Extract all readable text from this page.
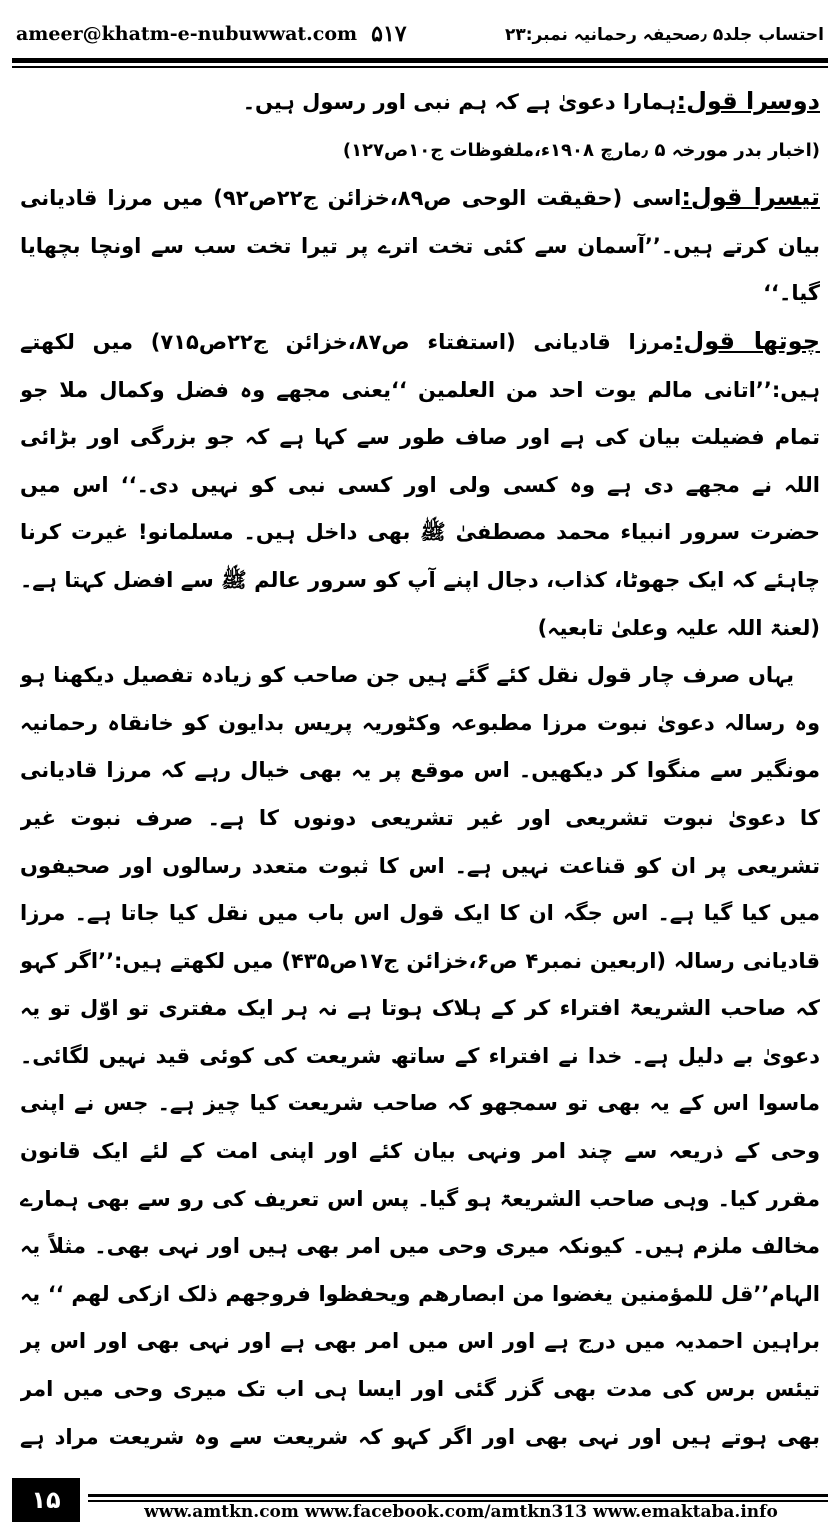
ameer@khatm-e-nubuwwat.com ۵۱۷	احتساب جلد۵ ٫صحیفہ رحمانیہ نمبر:۲۳

دوسرا قول:ہمارا دعویٰ ہے کہ ہم نبی اور رسول ہیں۔

(اخبار بدر مورخہ ۵ ٫مارچ ۱۹۰۸ء،ملفوظات ج۱۰ص۱۲۷)

تیسرا قول:اسی (حقیقت الوحی ص۸۹،خزائن ج۲۲ص۹۲) میں مرزا قادیانی بیان کرتے ہیں۔’’آسمان سے کئی تخت اترے پر تیرا تخت سب سے اونچا بچھایا گیا۔‘‘

چوتھا قول:مرزا قادیانی (استفتاء ص۸۷،خزائن ج۲۲ص۷۱۵) میں لکھتے ہیں:’’اتانی مالم یوت احد من العلمین ‘‘یعنی مجھے وہ فضل وکمال ملا جو تمام فضیلت بیان کی ہے اور صاف طور سے کہا ہے کہ جو بزرگی اور بڑائی اللہ نے مجھے دی ہے وہ کسی ولی اور کسی نبی کو نہیں دی۔‘‘ اس میں حضرت سرور انبیاء محمد مصطفیٰ ﷺ بھی داخل ہیں۔ مسلمانو! غیرت کرنا چاہئے کہ ایک جھوٹا، کذاب، دجال اپنے آپ کو سرور عالم ﷺ سے افضل کہتا ہے۔(لعنۃ اللہ علیہ وعلیٰ تابعیہ)

یہاں صرف چار قول نقل کئے گئے ہیں جن صاحب کو زیادہ تفصیل دیکھنا ہو وہ رسالہ دعویٰ نبوت مرزا مطبوعہ وکٹوریہ پریس بدایون کو خانقاہ رحمانیہ مونگیر سے منگوا کر دیکھیں۔ اس موقع پر یہ بھی خیال رہے کہ مرزا قادیانی کا دعویٰ نبوت تشریعی اور غیر تشریعی دونوں کا ہے۔ صرف نبوت غیر تشریعی پر ان کو قناعت نہیں ہے۔ اس کا ثبوت متعدد رسالوں اور صحیفوں میں کیا گیا ہے۔ اس جگہ ان کا ایک قول اس باب میں نقل کیا جاتا ہے۔ مرزا قادیانی رسالہ (اربعین نمبر۴ ص۶،خزائن ج۱۷ص۴۳۵) میں لکھتے ہیں:’’اگر کہو کہ صاحب الشریعۃ افتراء کر کے ہلاک ہوتا ہے نہ ہر ایک مفتری تو اوّل تو یہ دعویٰ بے دلیل ہے۔ خدا نے افتراء کے ساتھ شریعت کی کوئی قید نہیں لگائی۔ ماسوا اس کے یہ بھی تو سمجھو کہ صاحب شریعت کیا چیز ہے۔ جس نے اپنی وحی کے ذریعہ سے چند امر ونہی بیان کئے اور اپنی امت کے لئے ایک قانون مقرر کیا۔ وہی صاحب الشریعۃ ہو گیا۔ پس اس تعریف کی رو سے بھی ہمارے مخالف ملزم ہیں۔ کیونکہ میری وحی میں امر بھی ہیں اور نہی بھی۔ مثلاً یہ الہام’’قل للمؤمنین یغضوا من ابصارھم ویحفظوا فروجھم ذلک ازکی لھم ‘‘ یہ براہین احمدیہ میں درج ہے اور اس میں امر بھی ہے اور نہی بھی اور اس پر تیئس برس کی مدت بھی گزر گئی اور ایسا ہی اب تک میری وحی میں امر بھی ہوتے ہیں اور نہی بھی اور اگر کہو کہ شریعت سے وہ شریعت مراد ہے

۱۵	www.amtkn.com www.facebook.com/amtkn313 www.emaktaba.info
